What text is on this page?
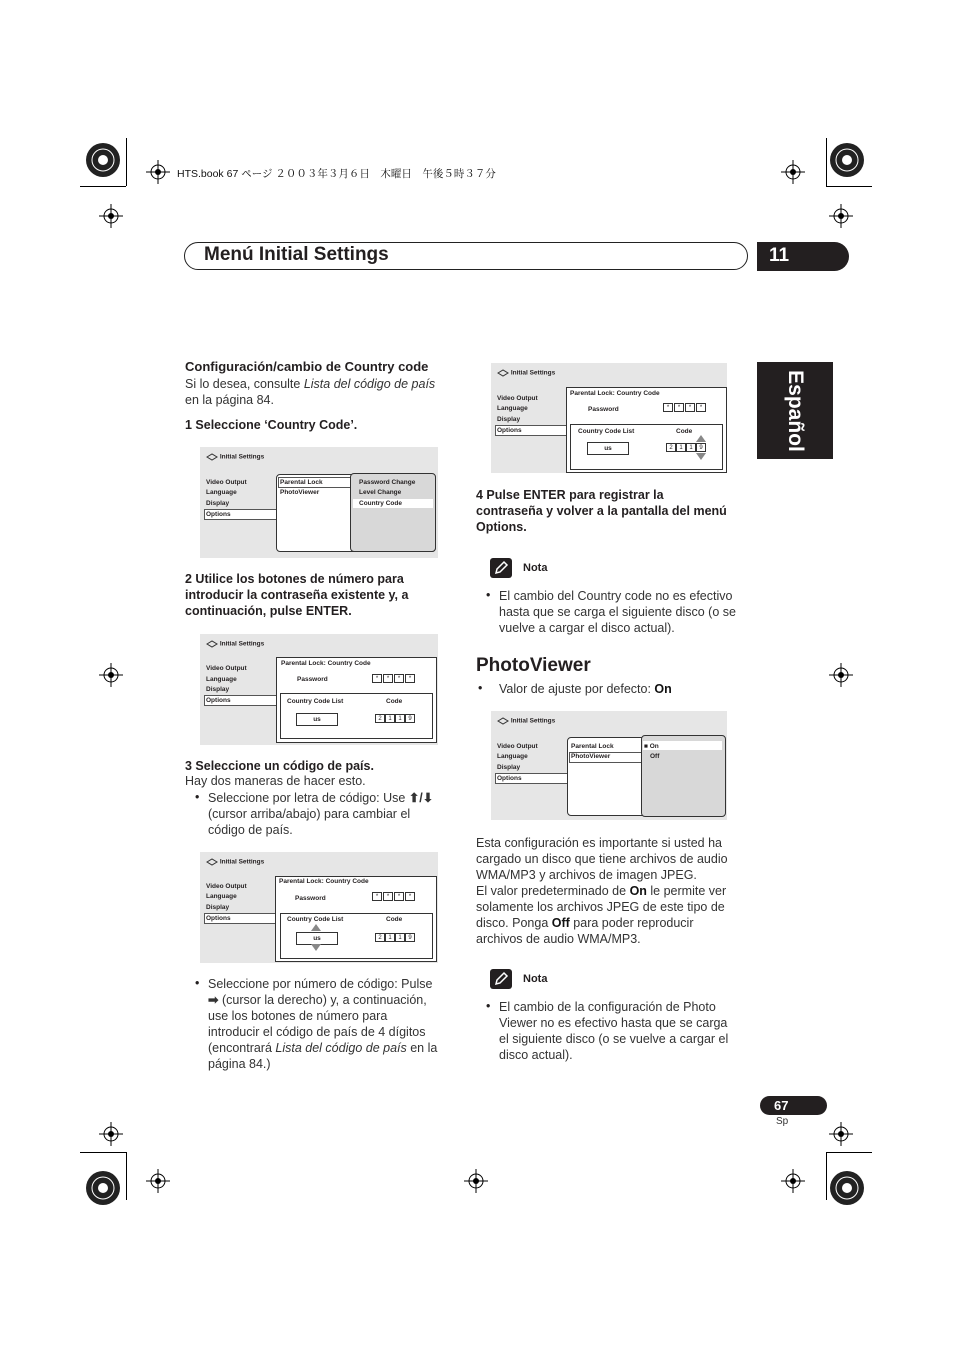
HTS.book 67 ページ ２００３年３月６日　木曜日　午後５時３７分
Menú Initial Settings	11
Español
Configuración/cambio de Country code
Si lo desea, consulte Lista del código de país
en la página 84.
1 Seleccione ‘Country Code’.
Initial Settings
Video Output
Language
Display
Options
Parental Lock
PhotoViewer
Password Change
Level Change
Country Code
2 Utilice los botones de número para
introducir la contraseña existente y, a
continuación, pulse ENTER.
Initial Settings
Video Output
Language
Display
Options
Parental Lock: Country Code
Password	*	*	*	*
Country Code List	Code
us	2	1	1	9
3 Seleccione un código de país.
Hay dos maneras de hacer esto.
• Seleccione por letra de código: Use ⬆/⬇
(cursor arriba/abajo) para cambiar el
código de país.
Initial Settings
Video Output
Language
Display
Options
Parental Lock: Country Code
Password	*	*	*	*
Country Code List	Code
us	2	1	1	9
• Seleccione por número de código: Pulse
➡ (cursor la derecho) y, a continuación,
use los botones de número para
introducir el código de país de 4 dígitos
(encontrará Lista del código de país en la
página 84.)
Initial Settings
Video Output
Language
Display
Options
Parental Lock: Country Code
Password	*	*	*	*
Country Code List	Code
us	2	1	1	9
4 Pulse ENTER para registrar la
contraseña y volver a la pantalla del menú
Options.
Nota
• El cambio del Country code no es efectivo
hasta que se carga el siguiente disco (o se
vuelve a cargar el disco actual).
PhotoViewer
• Valor de ajuste por defecto: On
Initial Settings
Video Output
Language
Display
Options
Parental Lock
PhotoViewer
■ On
Off
Esta configuración es importante si usted ha
cargado un disco que tiene archivos de audio
WMA/MP3 y archivos de imagen JPEG.
El valor predeterminado de On le permite ver
solamente los archivos JPEG de este tipo de
disco. Ponga Off para poder reproducir
archivos de audio WMA/MP3.
Nota
• El cambio de la configuración de Photo
Viewer no es efectivo hasta que se carga
el siguiente disco (o se vuelve a cargar el
disco actual).
67
Sp
